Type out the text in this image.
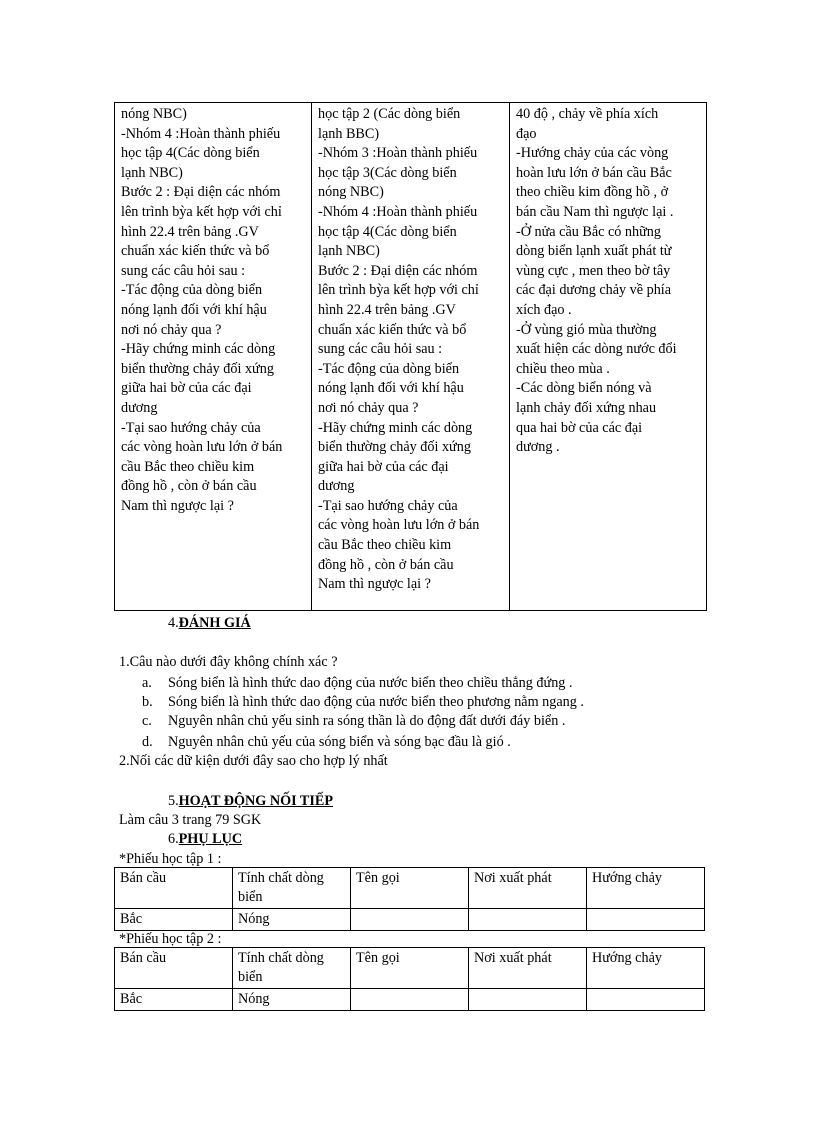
nóng NBC)
-Nhóm 4 :Hoàn thành phiếu
học tập 4(Các dòng biển
lạnh NBC)
Bước 2 : Đại diện các nhóm
lên trình bỳa kết hợp với chỉ
hình 22.4 trên bảng .GV
chuẩn xác kiến thức và bổ
sung các câu hỏi sau :
-Tác động của dòng biển
nóng lạnh đối với khí hậu
nơi nó chảy qua ?
-Hãy chứng minh các dòng
biển thường chảy đối xứng
giữa hai bờ của các đại
dương
-Tại sao hướng chảy của
các vòng hoàn lưu lớn ở bán
cầu Bắc theo chiều kim
đồng hồ , còn ở bán cầu
Nam thì ngược lại ?

học tập 2 (Các dòng biển
lạnh BBC)
-Nhóm 3 :Hoàn thành phiếu
học tập 3(Các dòng biển
nóng NBC)
-Nhóm 4 :Hoàn thành phiếu
học tập 4(Các dòng biển
lạnh NBC)
Bước 2 : Đại diện các nhóm
lên trình bỳa kết hợp với chỉ
hình 22.4 trên bảng .GV
chuẩn xác kiến thức và bổ
sung các câu hỏi sau :
-Tác động của dòng biển
nóng lạnh đối với khí hậu
nơi nó chảy qua ?
-Hãy chứng minh các dòng
biển thường chảy đối xứng
giữa hai bờ của các đại
dương
-Tại sao hướng chảy của
các vòng hoàn lưu lớn ở bán
cầu Bắc theo chiều kim
đồng hồ , còn ở bán cầu
Nam thì ngược lại ?

40 độ , chảy về phía xích
đạo
-Hướng chảy của các vòng
hoàn lưu lớn ở bán cầu Bắc
theo chiều kim đồng hồ , ở
bán cầu Nam thì ngược lại .
-Ở nửa cầu Bắc có những
dòng biển lạnh xuất phát từ
vùng cực , men theo bờ tây
các đại dương chảy về phía
xích đạo .
-Ở vùng gió mùa thường
xuất hiện các dòng nước đổi
chiều theo mùa .
-Các dòng biển nóng và
lạnh chảy đối xứng nhau
qua hai bờ của các đại
dương .
4.ĐÁNH GIÁ
1.Câu nào dưới đây không chính xác ?
a. Sóng biển là hình thức dao động của nước biển theo chiều thẳng đứng .
b. Sóng biển là hình thức dao động của nước biển theo phương nằm ngang .
c. Nguyên nhân chủ yếu sinh ra sóng thần là do động đất dưới đáy biển .
d. Nguyên nhân chủ yếu của sóng biển và sóng bạc đầu là gió .
2.Nối các dữ kiện dưới đây sao cho hợp lý nhất
5.HOẠT ĐỘNG NỐI TIẾP
Làm câu 3 trang 79 SGK
6.PHỤ LỤC
*Phiếu học tập 1 :
Bán cầu	Tính chất dòng biển	Tên gọi	Nơi xuất phát	Hướng chảy
Bắc	Nóng			
*Phiếu học tập 2 :
Bán cầu	Tính chất dòng biển	Tên gọi	Nơi xuất phát	Hướng chảy
Bắc	Nóng			
